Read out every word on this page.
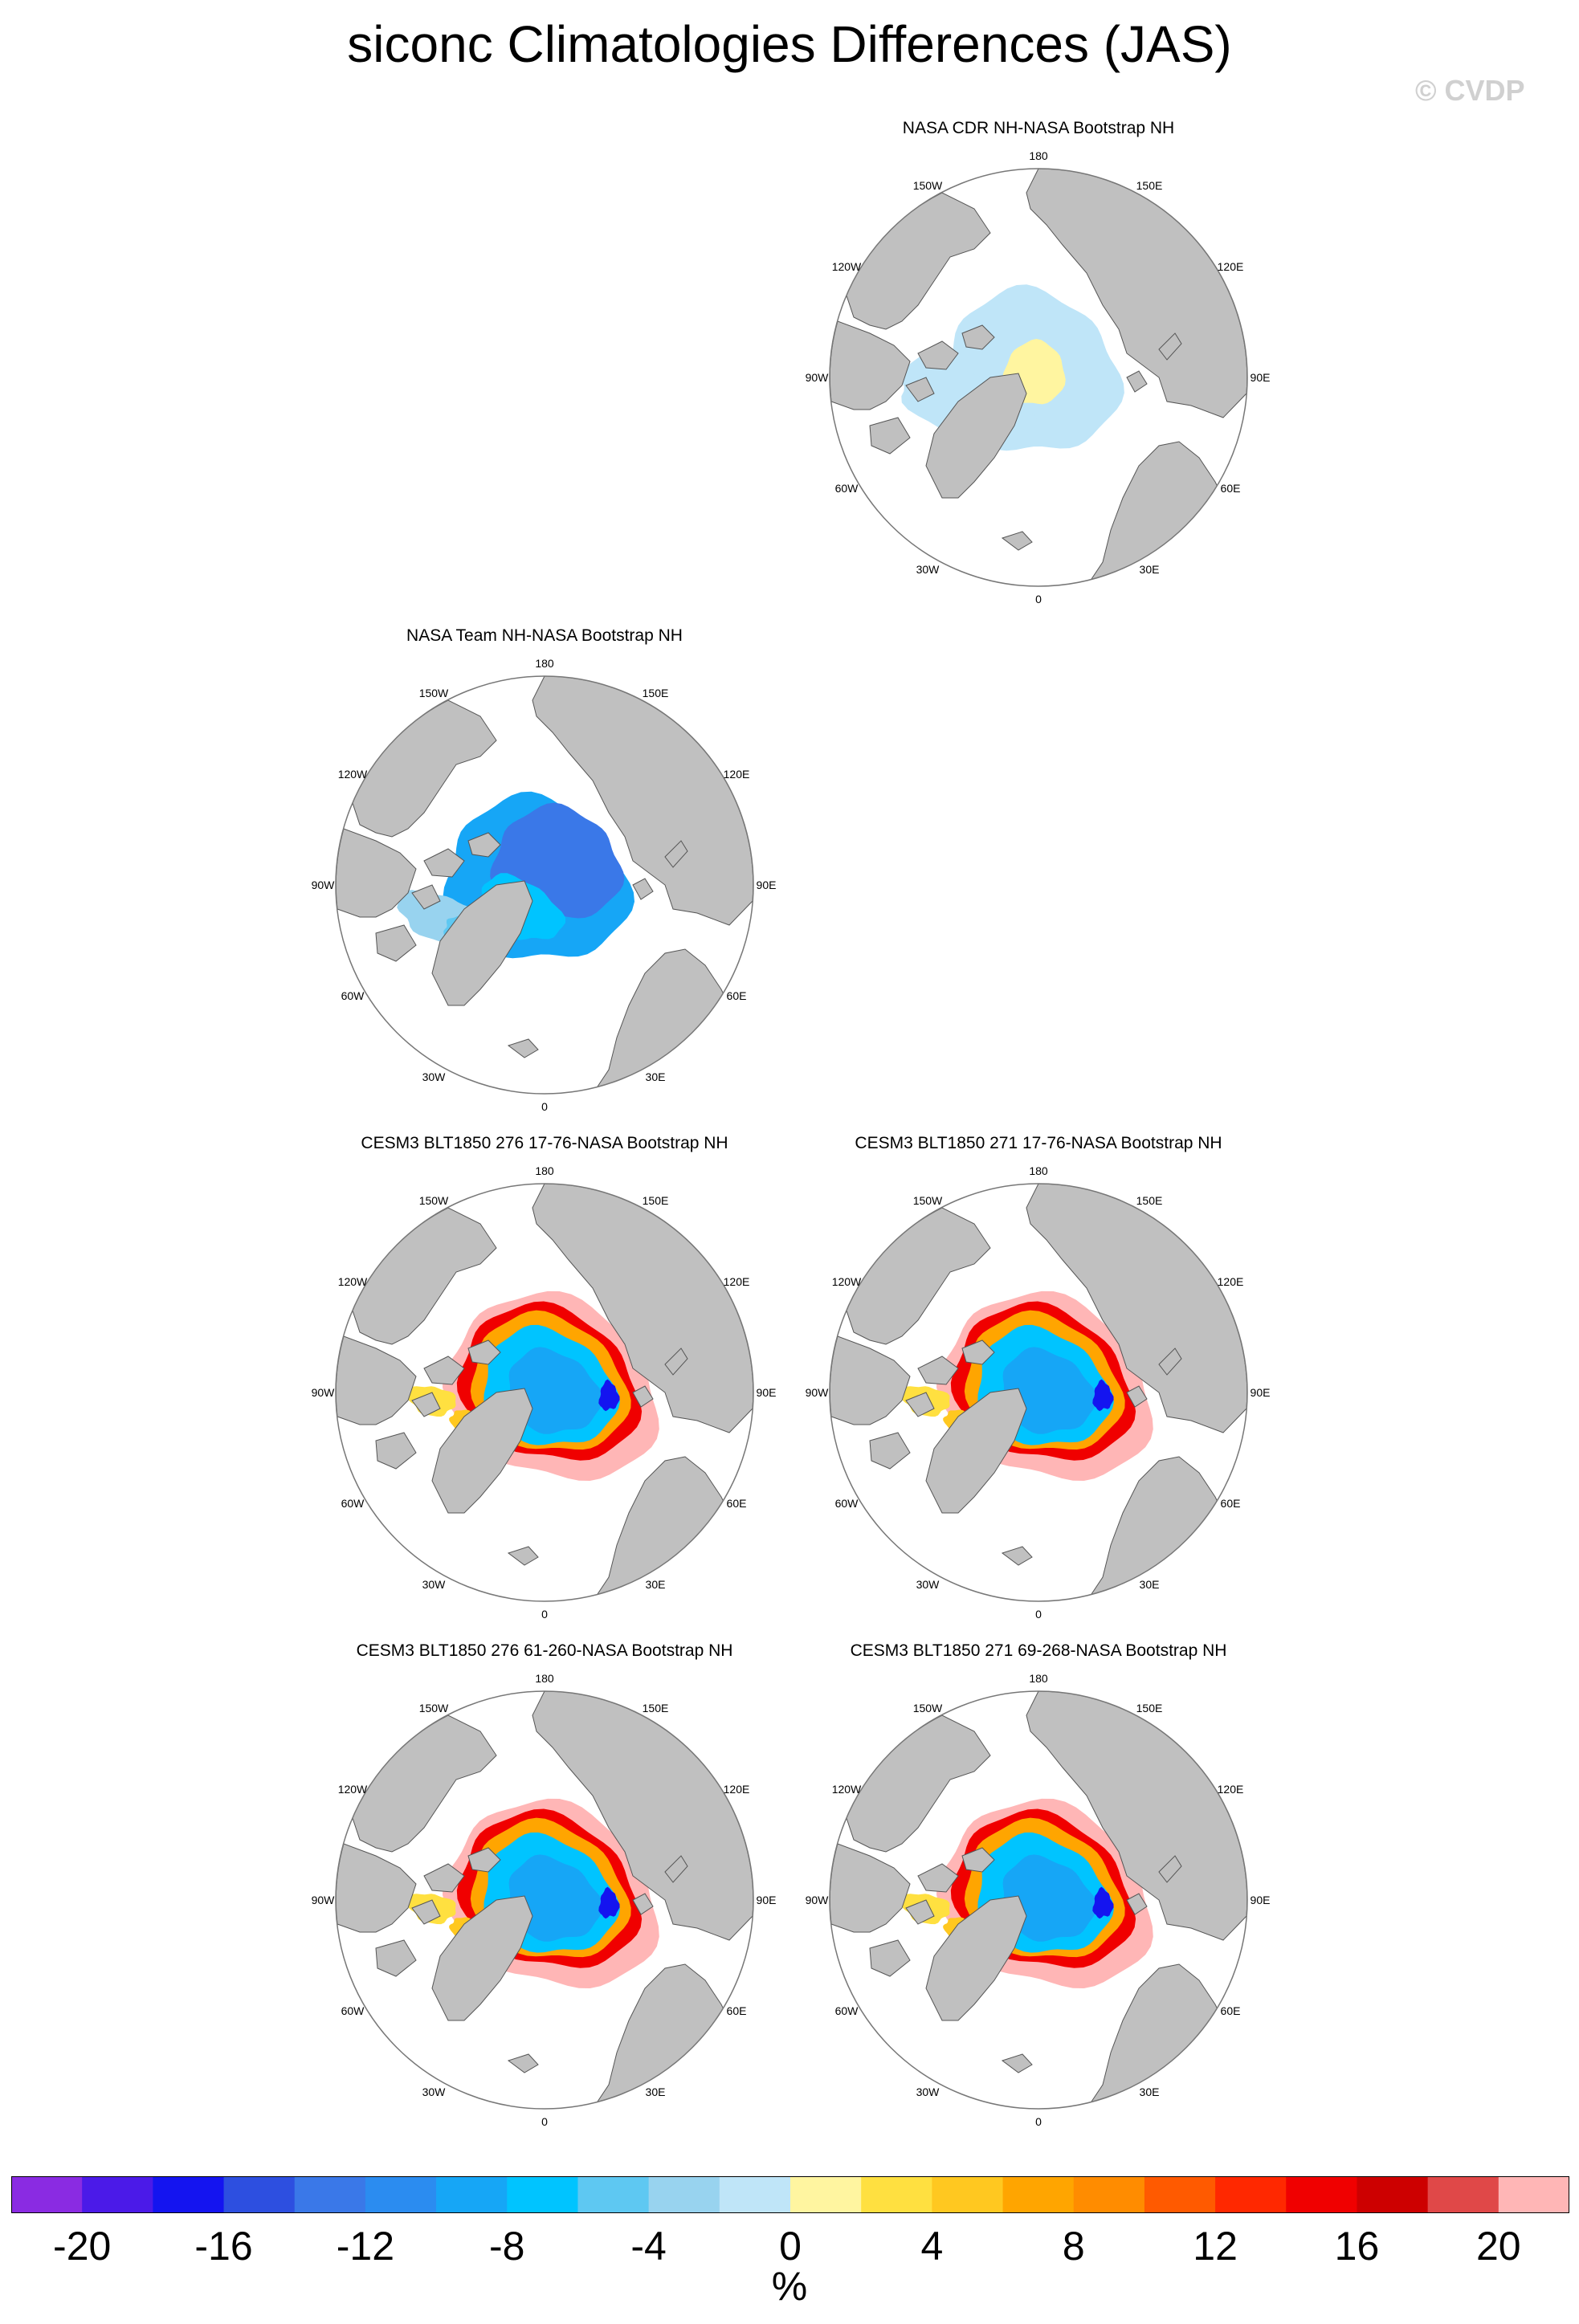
siconc Climatologies Differences (JAS)
© CVDP
NASA CDR NH-NASA Bootstrap NH
180
150E
120E
90E
60E
30E
0
30W
60W
90W
120W
150W
NASA Team NH-NASA Bootstrap NH
180
150E
120E
90E
60E
30E
0
30W
60W
90W
120W
150W
CESM3 BLT1850 276 17-76-NASA Bootstrap NH
180
150E
120E
90E
60E
30E
0
30W
60W
90W
120W
150W
CESM3 BLT1850 271 17-76-NASA Bootstrap NH
180
150E
120E
90E
60E
30E
0
30W
60W
90W
120W
150W
CESM3 BLT1850 276 61-260-NASA Bootstrap NH
180
150E
120E
90E
60E
30E
0
30W
60W
90W
120W
150W
CESM3 BLT1850 271 69-268-NASA Bootstrap NH
180
150E
120E
90E
60E
30E
0
30W
60W
90W
120W
150W
-20 -16 -12 -8	-4	0	4	8	12 16 20
%
